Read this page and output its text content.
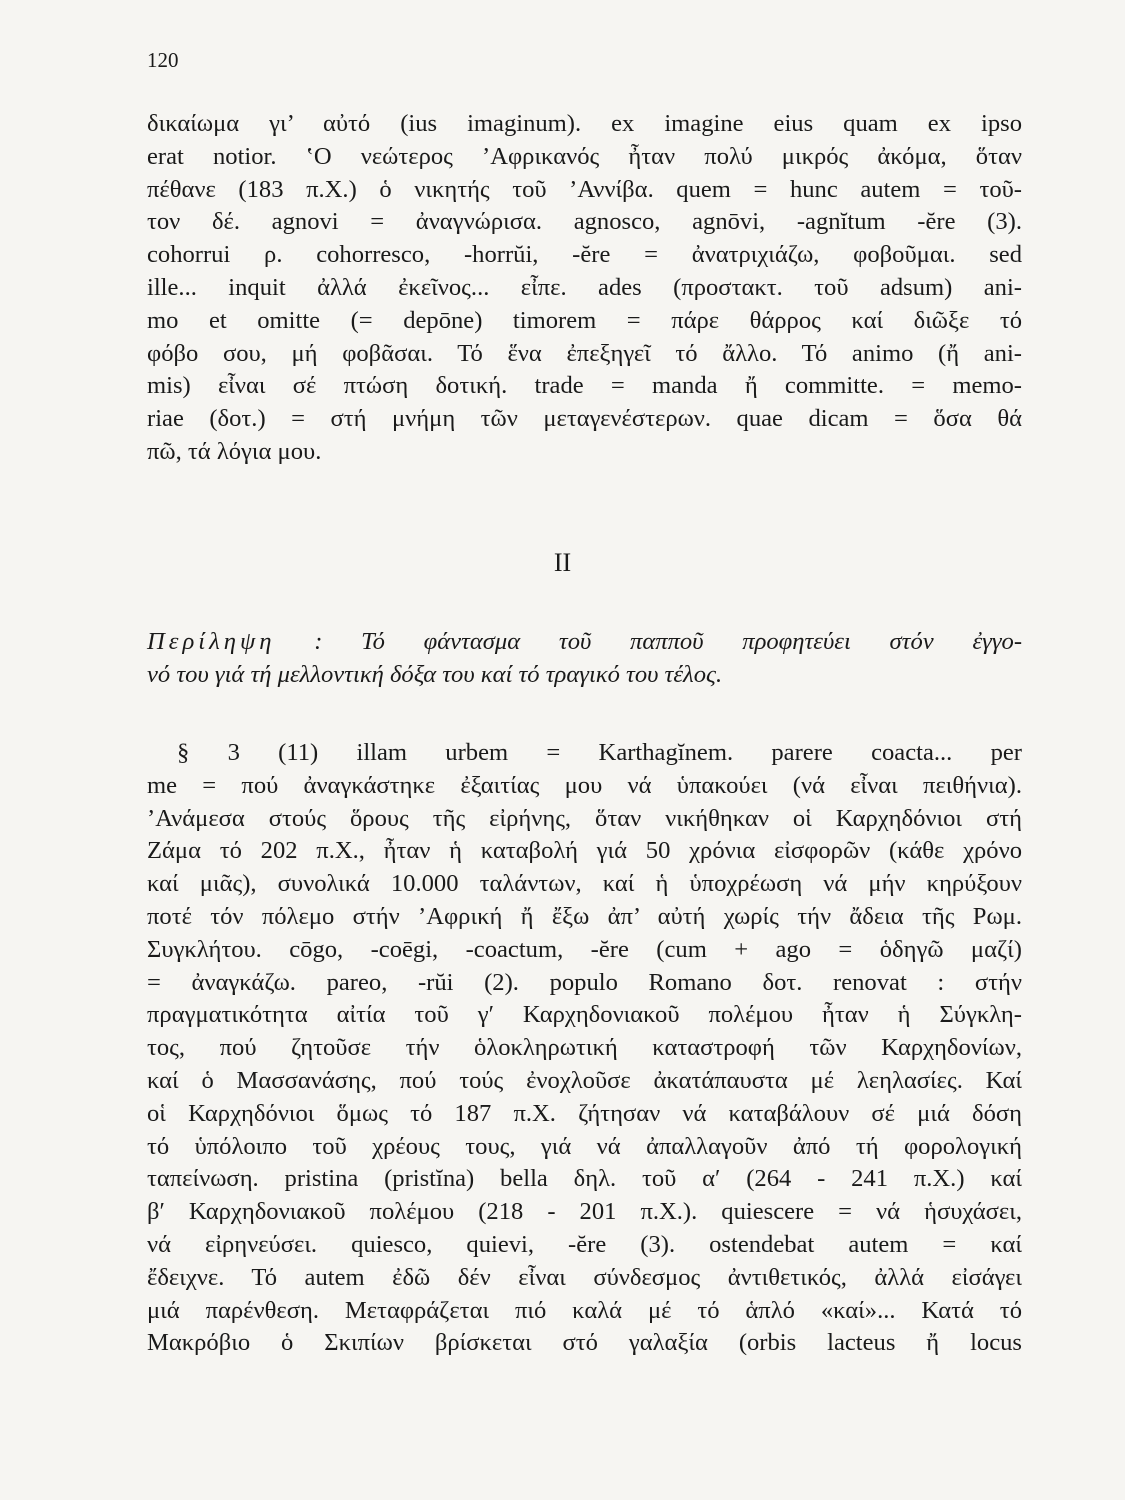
120
δικαίωμα γι’ αὐτό (ius imaginum). ex imagine eius quam ex ipso
erat notior. ‛Ο νεώτερος ’Αφρικανός ἦταν πολύ μικρός ἀκόμα, ὅταν
πέθανε (183 π.Χ.) ὁ νικητής τοῦ ’Αννίβα. quem = hunc autem = τοῦ-
τον δέ. agnovi = ἀναγνώρισα. agnosco, agnōvi, -agnĭtum -ĕre (3).
cohorrui ρ. cohorresco, -horrŭi, -ĕre = ἀνατριχιάζω, φοβοῦμαι. sed
ille... inquit ἀλλά ἐκεῖνος... εἶπε. ades (προστακτ. τοῦ adsum) ani-
mo et omitte (= depōne) timorem = πάρε θάρρος καί διῶξε τό
φόβο σου, μή φοβᾶσαι. Τό ἕνα ἐπεξηγεῖ τό ἄλλο. Τό animo (ἤ ani-
mis) εἶναι σέ πτώση δοτική. trade = manda ἤ committe. = memo-
riae (δοτ.) = στή μνήμη τῶν μεταγενέστερων. quae dicam = ὅσα θά
πῶ, τά λόγια μου.
II
Περίληψη : Τό φάντασμα τοῦ παπποῦ προφητεύει στόν ἐγγο-
νό του γιά τή μελλοντική δόξα του καί τό τραγικό του τέλος.
§ 3 (11) illam urbem = Karthagĭnem. parere coacta... per
me = πού ἀναγκάστηκε ἐξαιτίας μου νά ὑπακούει (νά εἶναι πειθήνια).
’Ανάμεσα στούς ὅρους τῆς εἰρήνης, ὅταν νικήθηκαν οἱ Καρχηδόνιοι στή
Ζάμα τό 202 π.Χ., ἦταν ἡ καταβολή γιά 50 χρόνια εἰσφορῶν (κάθε χρόνο
καί μιᾶς), συνολικά 10.000 ταλάντων, καί ἡ ὑποχρέωση νά μήν κηρύξουν
ποτέ τόν πόλεμο στήν ’Αφρική ἤ ἔξω ἀπ’ αὐτή χωρίς τήν ἄδεια τῆς Ρωμ.
Συγκλήτου. cōgo, -coēgi, -coactum, -ĕre (cum + ago = ὁδηγῶ μαζί)
= ἀναγκάζω. pareo, -rŭi (2). populo Romano δοτ. renovat : στήν
πραγματικότητα αἰτία τοῦ γ′ Καρχηδονιακοῦ πολέμου ἦταν ἡ Σύγκλη-
τος, πού ζητοῦσε τήν ὁλοκληρωτική καταστροφή τῶν Καρχηδονίων,
καί ὁ Μασσανάσης, πού τούς ἐνοχλοῦσε ἀκατάπαυστα μέ λεηλασίες. Καί
οἱ Καρχηδόνιοι ὅμως τό 187 π.Χ. ζήτησαν νά καταβάλουν σέ μιά δόση
τό ὑπόλοιπο τοῦ χρέους τους, γιά νά ἀπαλλαγοῦν ἀπό τή φορολογική
ταπείνωση. pristina (pristĭna) bella δηλ. τοῦ α′ (264 - 241 π.Χ.) καί
β′ Καρχηδονιακοῦ πολέμου (218 - 201 π.Χ.). quiescere = νά ἡσυχάσει,
νά εἰρηνεύσει. quiesco, quievi, -ĕre (3). ostendebat autem = καί
ἔδειχνε. Τό autem ἐδῶ δέν εἶναι σύνδεσμος ἀντιθετικός, ἀλλά εἰσάγει
μιά παρένθεση. Μεταφράζεται πιό καλά μέ τό ἁπλό «καί»... Κατά τό
Μακρόβιο ὁ Σκιπίων βρίσκεται στό γαλαξία (orbis lacteus ἤ locus
